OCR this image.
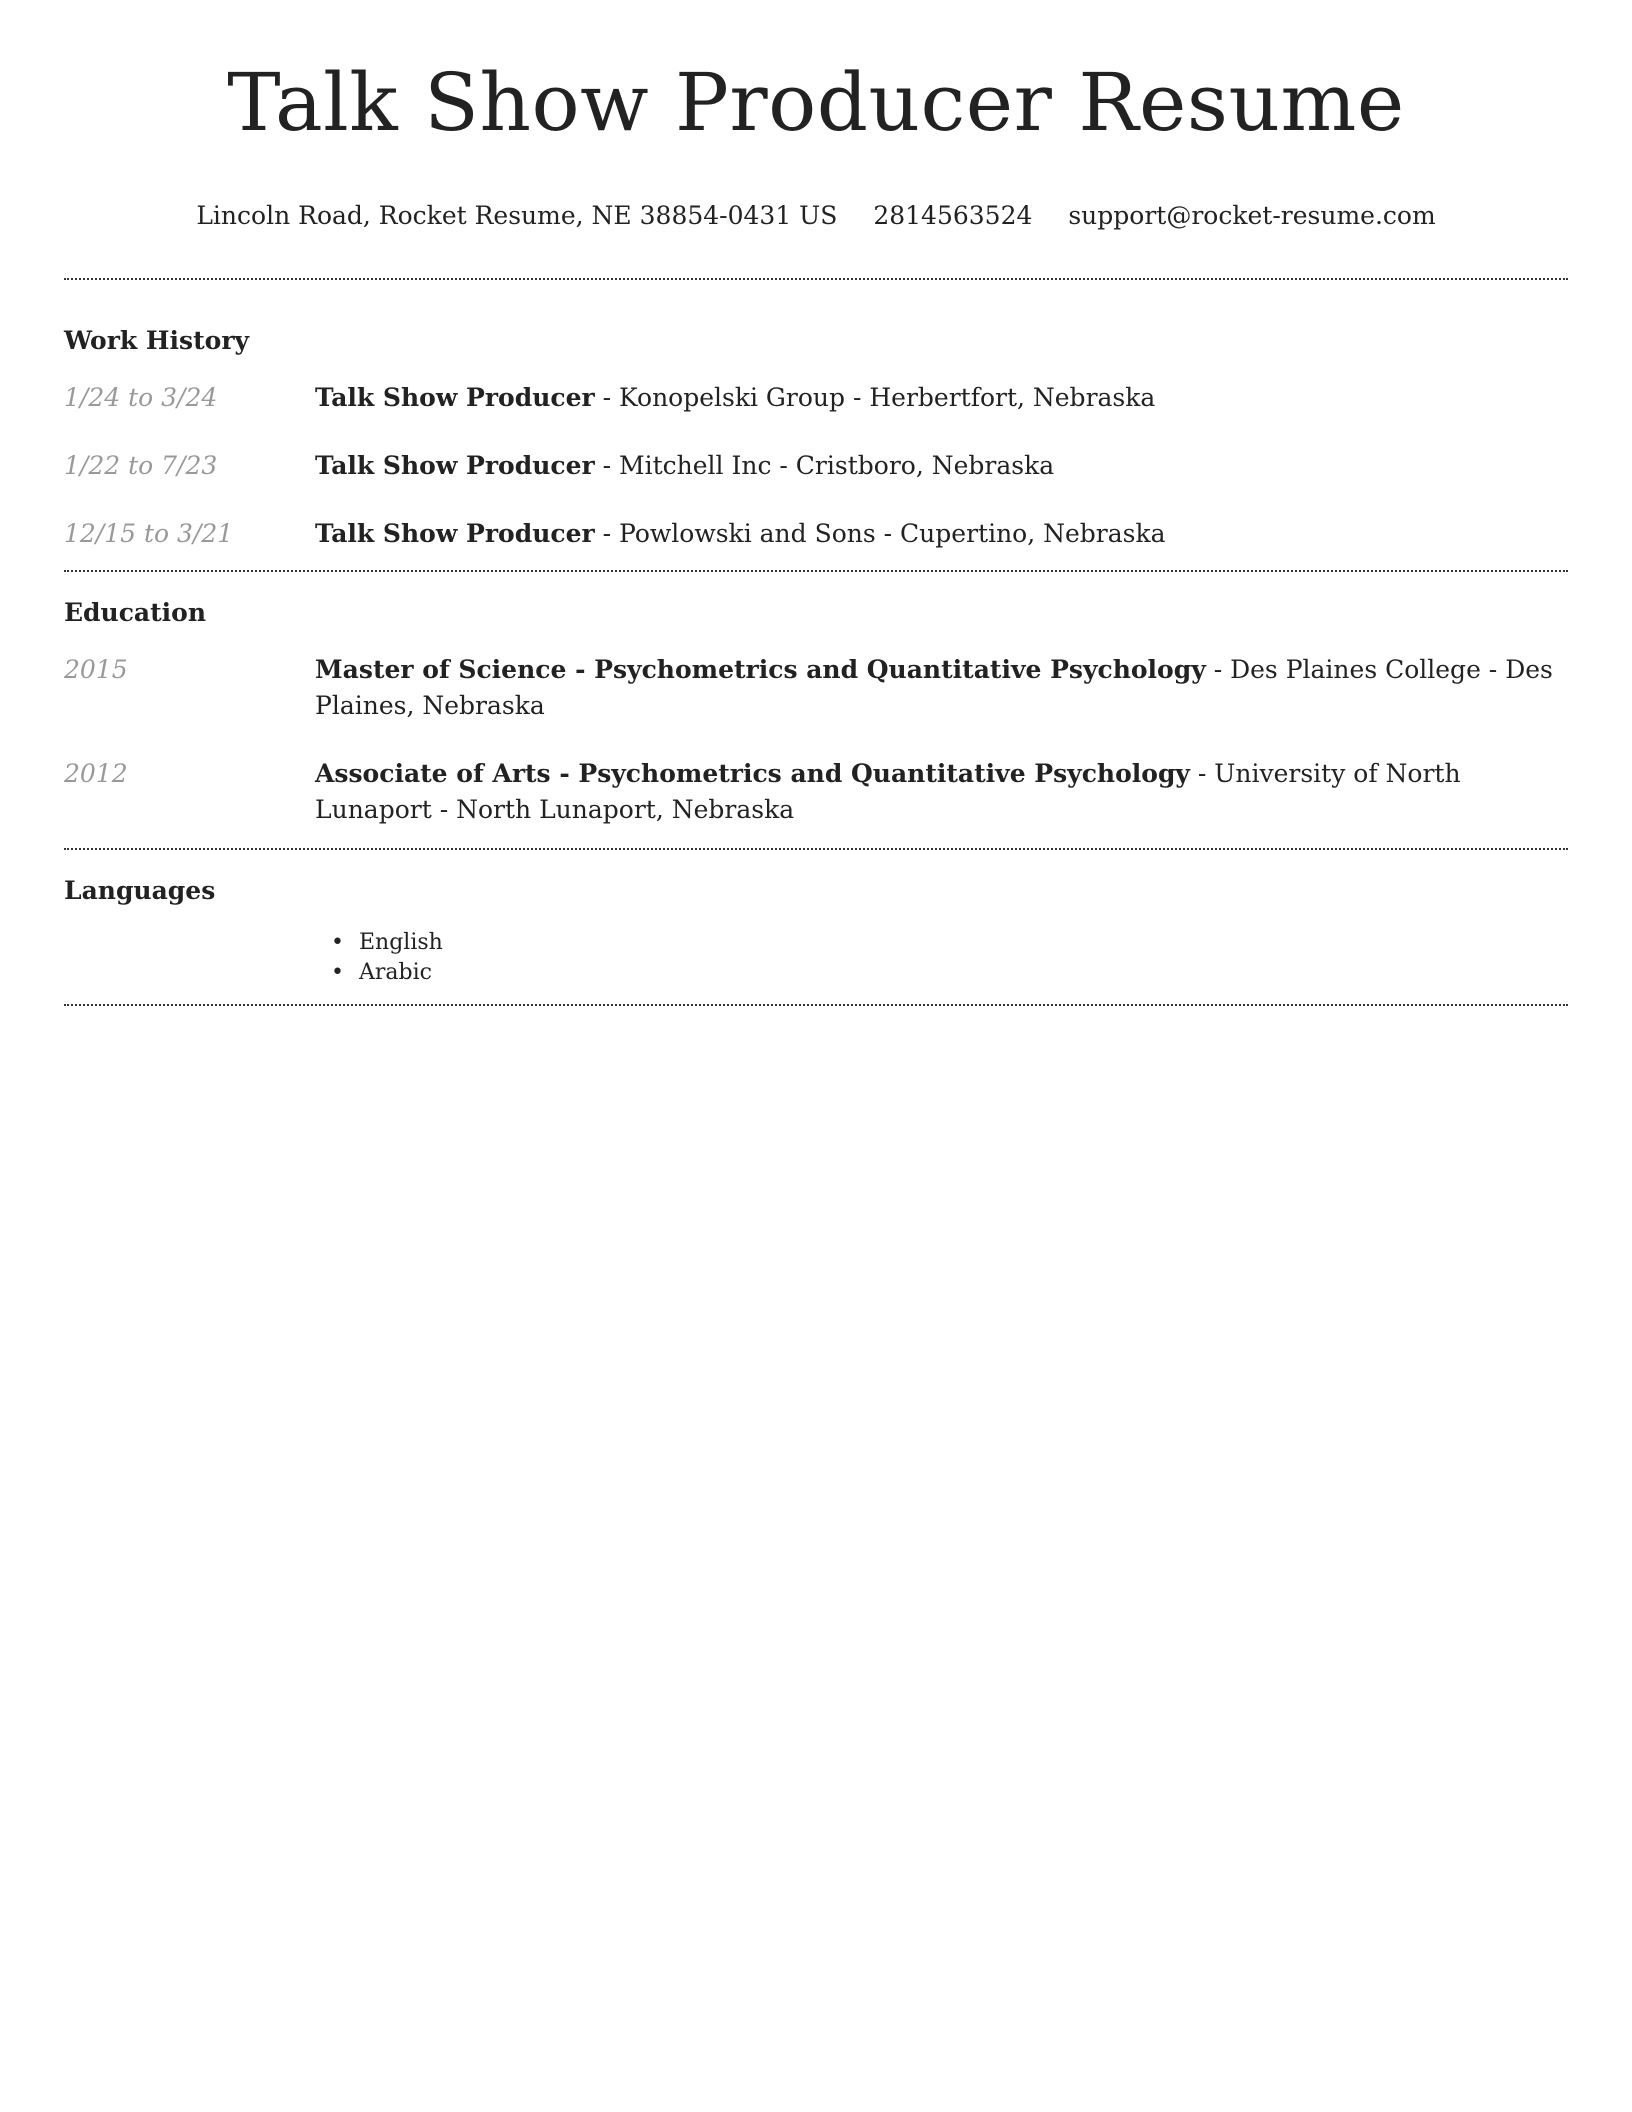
Talk Show Producer Resume
Lincoln Road, Rocket Resume, NE 38854-0431 US 2814563524 support@rocket-resume.com
Work History
1/24 to 3/24	Talk Show Producer - Konopelski Group - Herbertfort, Nebraska
1/22 to 7/23	Talk Show Producer - Mitchell Inc - Cristboro, Nebraska
12/15 to 3/21	Talk Show Producer - Powlowski and Sons - Cupertino, Nebraska
Education
2015	Master of Science - Psychometrics and Quantitative Psychology - Des Plaines College - Des Plaines, Nebraska
2012	Associate of Arts - Psychometrics and Quantitative Psychology - University of North Lunaport - North Lunaport, Nebraska
Languages
• English
• Arabic
